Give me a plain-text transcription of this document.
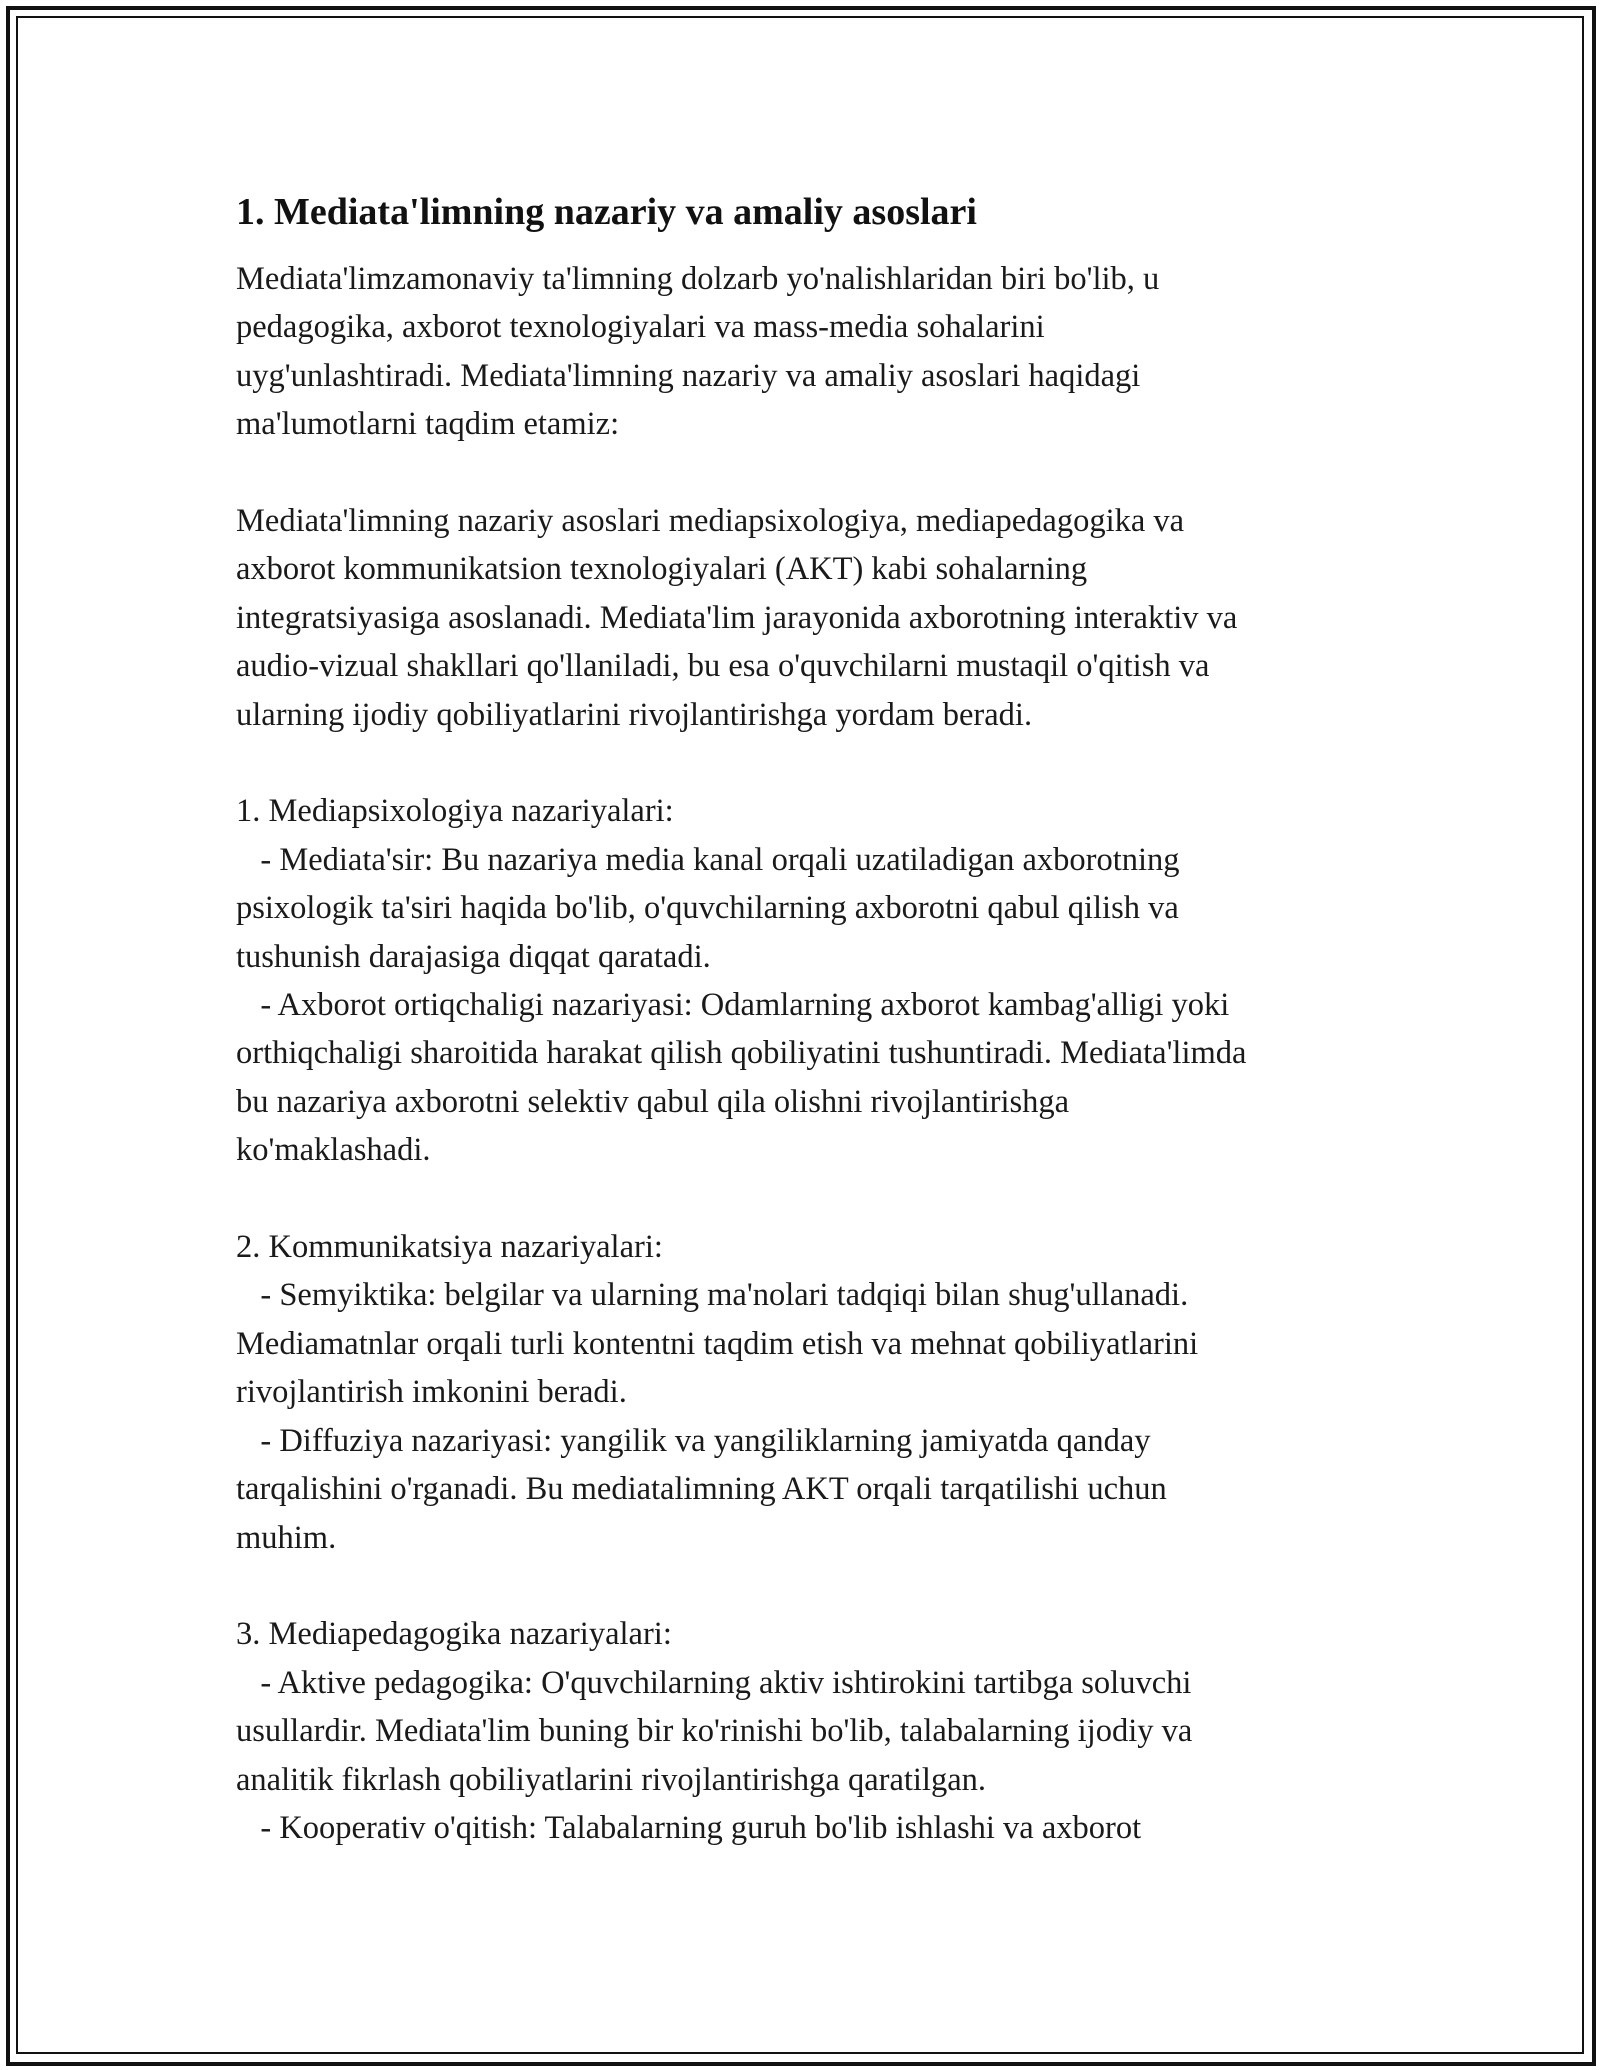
1. Mediata'limning nazariy va amaliy asoslari

Mediata'limzamonaviy ta'limning dolzarb yo'nalishlaridan biri bo'lib, u
pedagogika, axborot texnologiyalari va mass-media sohalarini
uyg'unlashtiradi. Mediata'limning nazariy va amaliy asoslari haqidagi
ma'lumotlarni taqdim etamiz:

Mediata'limning nazariy asoslari mediapsixologiya, mediapedagogika va
axborot kommunikatsion texnologiyalari (AKT) kabi sohalarning
integratsiyasiga asoslanadi. Mediata'lim jarayonida axborotning interaktiv va
audio-vizual shakllari qo'llaniladi, bu esa o'quvchilarni mustaqil o'qitish va
ularning ijodiy qobiliyatlarini rivojlantirishga yordam beradi.

1. Mediapsixologiya nazariyalari:

- Mediata'sir: Bu nazariya media kanal orqali uzatiladigan axborotning
psixologik ta'siri haqida bo'lib, o'quvchilarning axborotni qabul qilish va
tushunish darajasiga diqqat qaratadi.

- Axborot ortiqchaligi nazariyasi: Odamlarning axborot kambag'alligi yoki
orthiqchaligi sharoitida harakat qilish qobiliyatini tushuntiradi. Mediata'limda
bu nazariya axborotni selektiv qabul qila olishni rivojlantirishga
ko'maklashadi.

2. Kommunikatsiya nazariyalari:

- Semyiktika: belgilar va ularning ma'nolari tadqiqi bilan shug'ullanadi.
Mediamatnlar orqali turli kontentni taqdim etish va mehnat qobiliyatlarini
rivojlantirish imkonini beradi.

- Diffuziya nazariyasi: yangilik va yangiliklarning jamiyatda qanday
tarqalishini o'rganadi. Bu mediatalimning AKT orqali tarqatilishi uchun
muhim.

3. Mediapedagogika nazariyalari:

- Aktive pedagogika: O'quvchilarning aktiv ishtirokini tartibga soluvchi
usullardir. Mediata'lim buning bir ko'rinishi bo'lib, talabalarning ijodiy va
analitik fikrlash qobiliyatlarini rivojlantirishga qaratilgan.

- Kooperativ o'qitish: Talabalarning guruh bo'lib ishlashi va axborot
